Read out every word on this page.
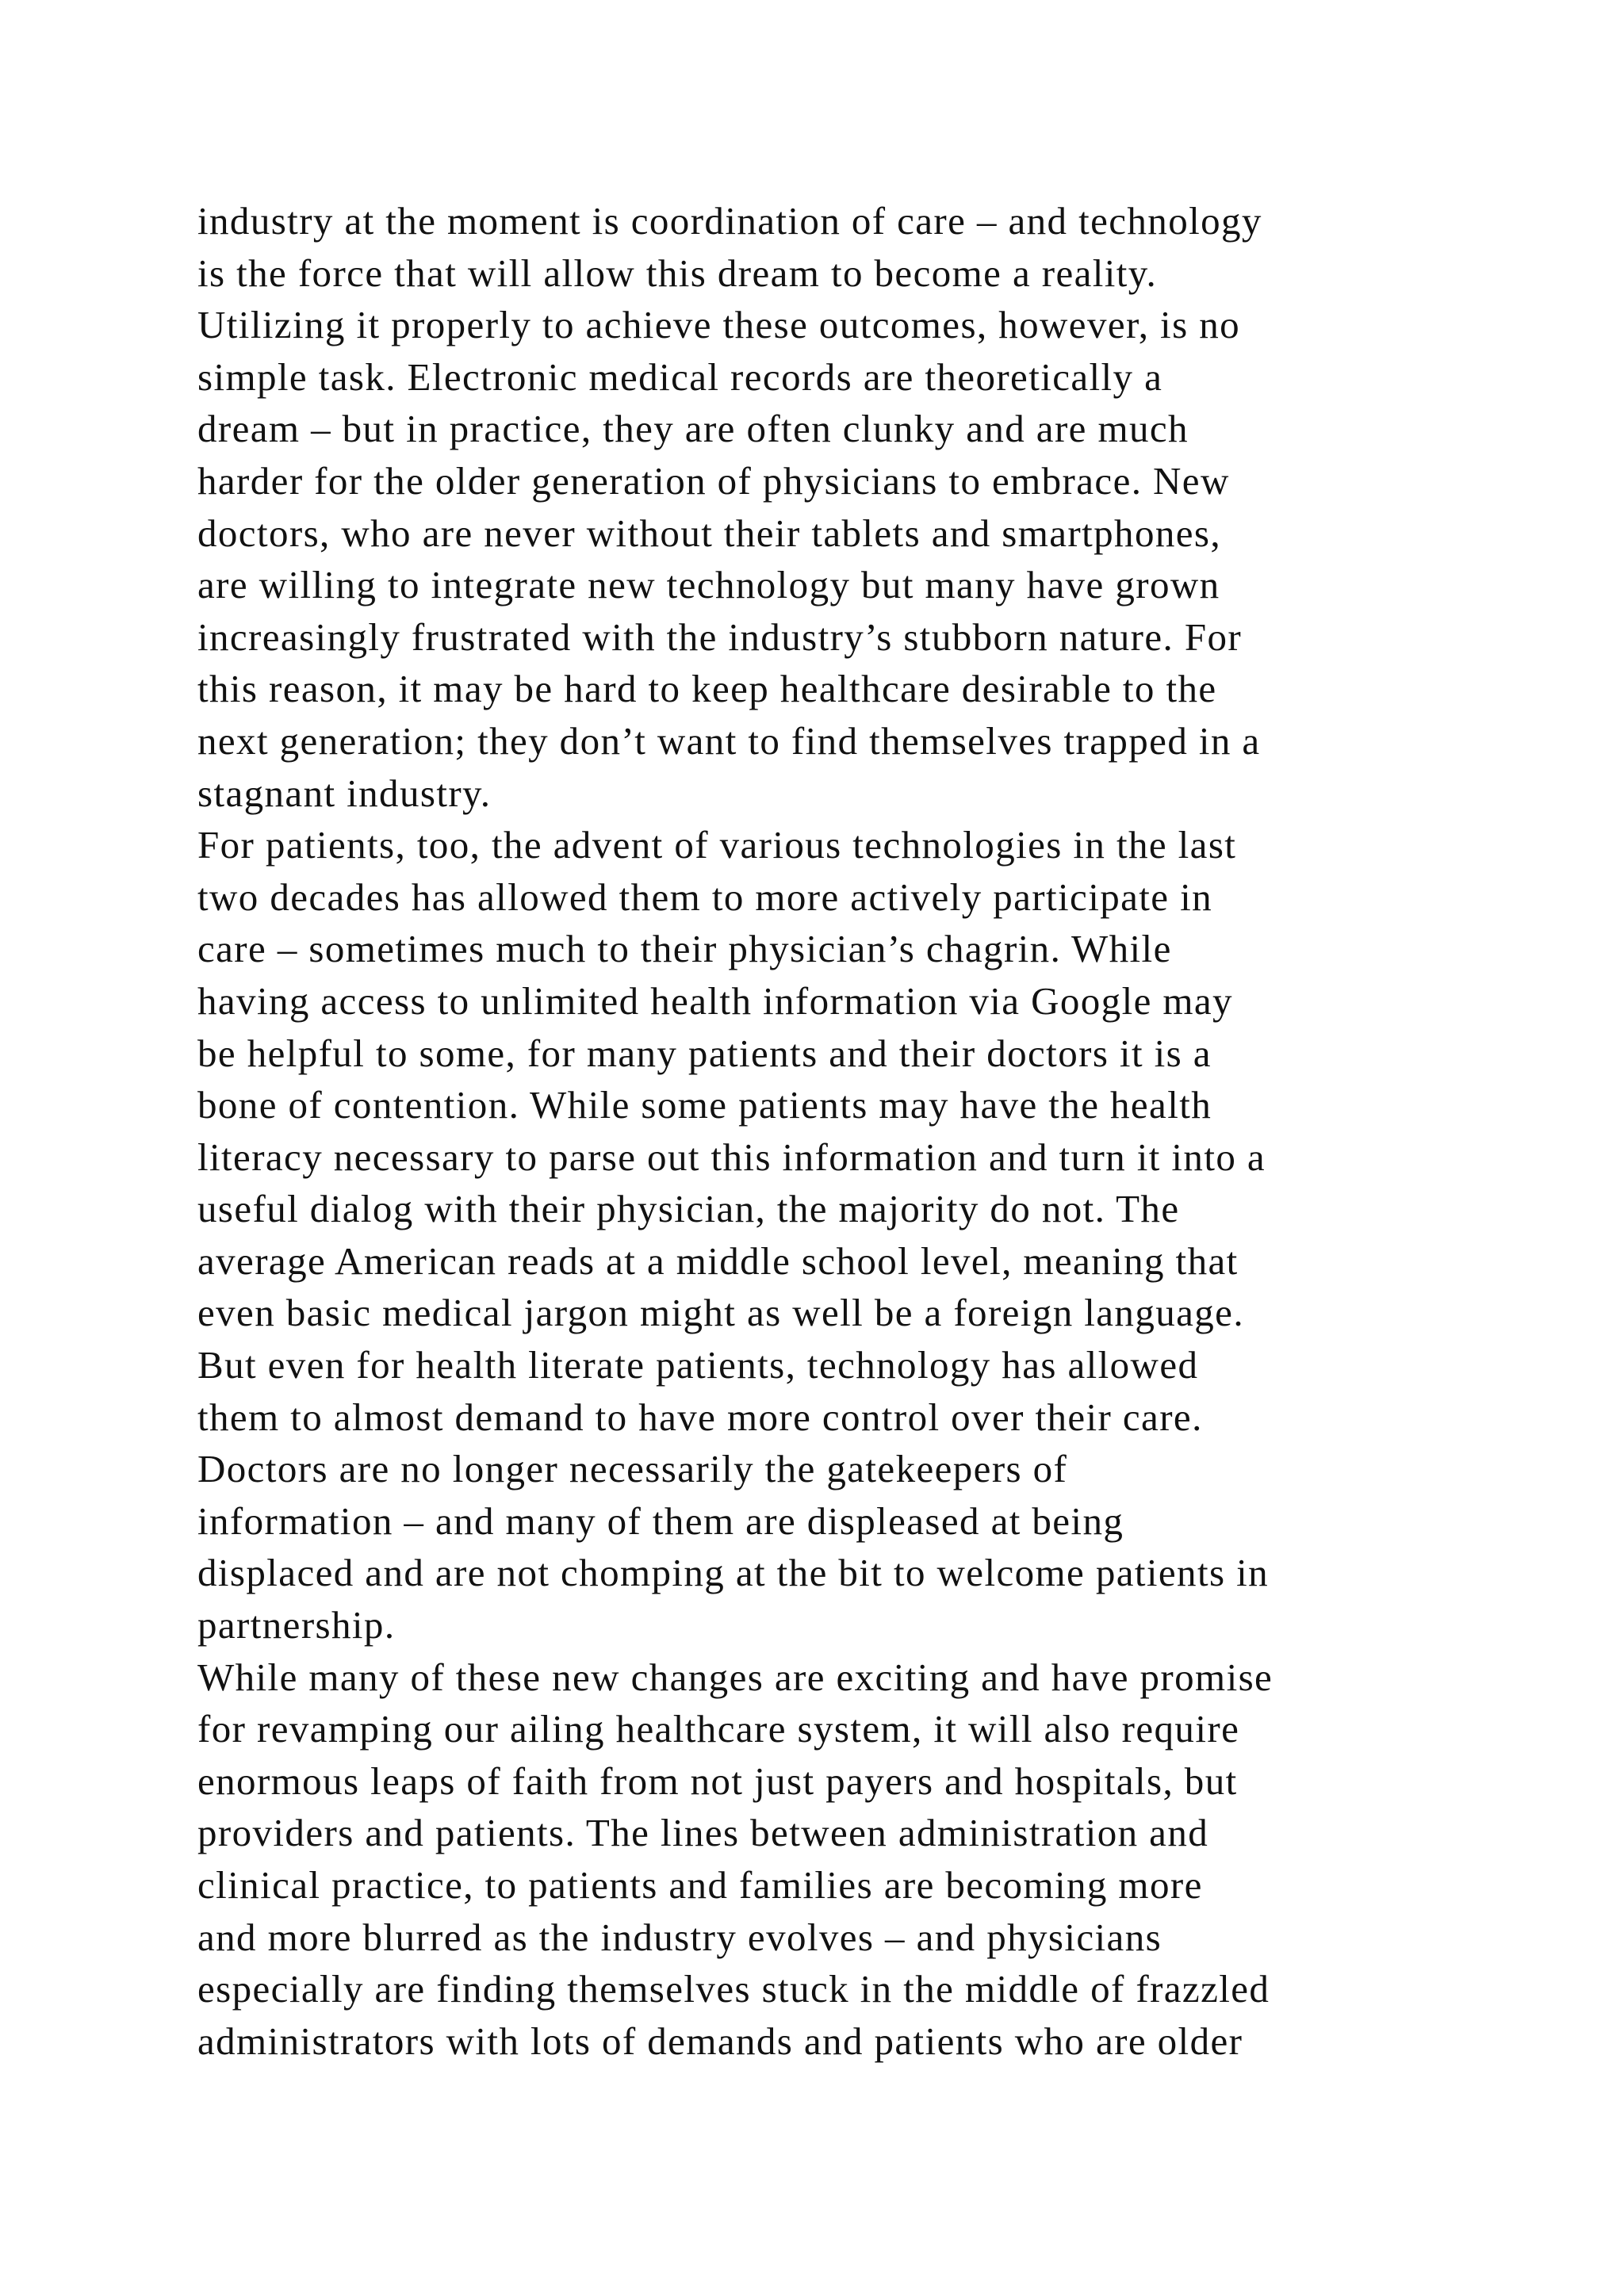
industry at the moment is coordination of care – and technology
is the force that will allow this dream to become a reality.
Utilizing it properly to achieve these outcomes, however, is no
simple task. Electronic medical records are theoretically a
dream – but in practice, they are often clunky and are much
harder for the older generation of physicians to embrace. New
doctors, who are never without their tablets and smartphones,
are willing to integrate new technology but many have grown
increasingly frustrated with the industry’s stubborn nature. For
this reason, it may be hard to keep healthcare desirable to the
next generation; they don’t want to find themselves trapped in a
stagnant industry.
For patients, too, the advent of various technologies in the last
two decades has allowed them to more actively participate in
care – sometimes much to their physician’s chagrin. While
having access to unlimited health information via Google may
be helpful to some, for many patients and their doctors it is a
bone of contention. While some patients may have the health
literacy necessary to parse out this information and turn it into a
useful dialog with their physician, the majority do not. The
average American reads at a middle school level, meaning that
even basic medical jargon might as well be a foreign language.
But even for health literate patients, technology has allowed
them to almost demand to have more control over their care.
Doctors are no longer necessarily the gatekeepers of
information – and many of them are displeased at being
displaced and are not chomping at the bit to welcome patients in
partnership.
While many of these new changes are exciting and have promise
for revamping our ailing healthcare system, it will also require
enormous leaps of faith from not just payers and hospitals, but
providers and patients. The lines between administration and
clinical practice, to patients and families are becoming more
and more blurred as the industry evolves – and physicians
especially are finding themselves stuck in the middle of frazzled
administrators with lots of demands and patients who are older
